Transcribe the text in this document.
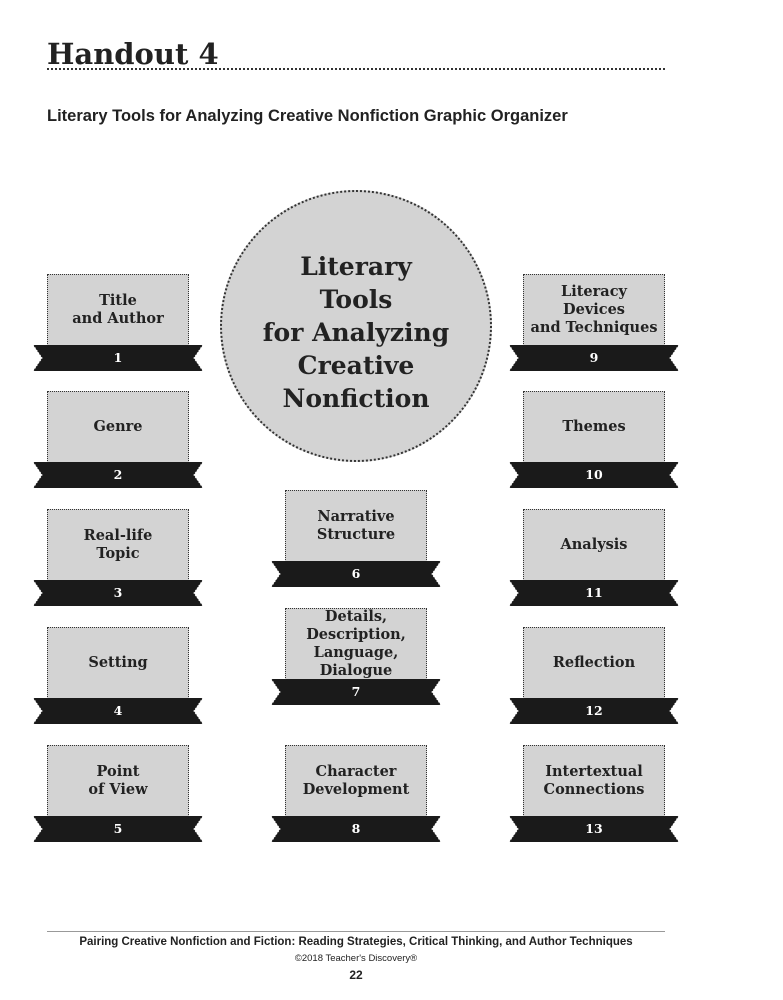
Handout 4
Literary Tools for Analyzing Creative Nonfiction Graphic Organizer
Literary
Tools
for Analyzing
Creative
Nonfiction
Title
and Author
1
Genre
2
Real-life
Topic
3
Setting
4
Point
of View
5
Narrative
Structure
6
Details,
Description,
Language,
Dialogue
7
Character
Development
8
Literacy
Devices
and Techniques
9
Themes
10
Analysis
11
Reflection
12
Intertextual
Connections
13
Pairing Creative Nonfiction and Fiction: Reading Strategies, Critical Thinking, and Author Techniques
©2018 Teacher's Discovery®
22
